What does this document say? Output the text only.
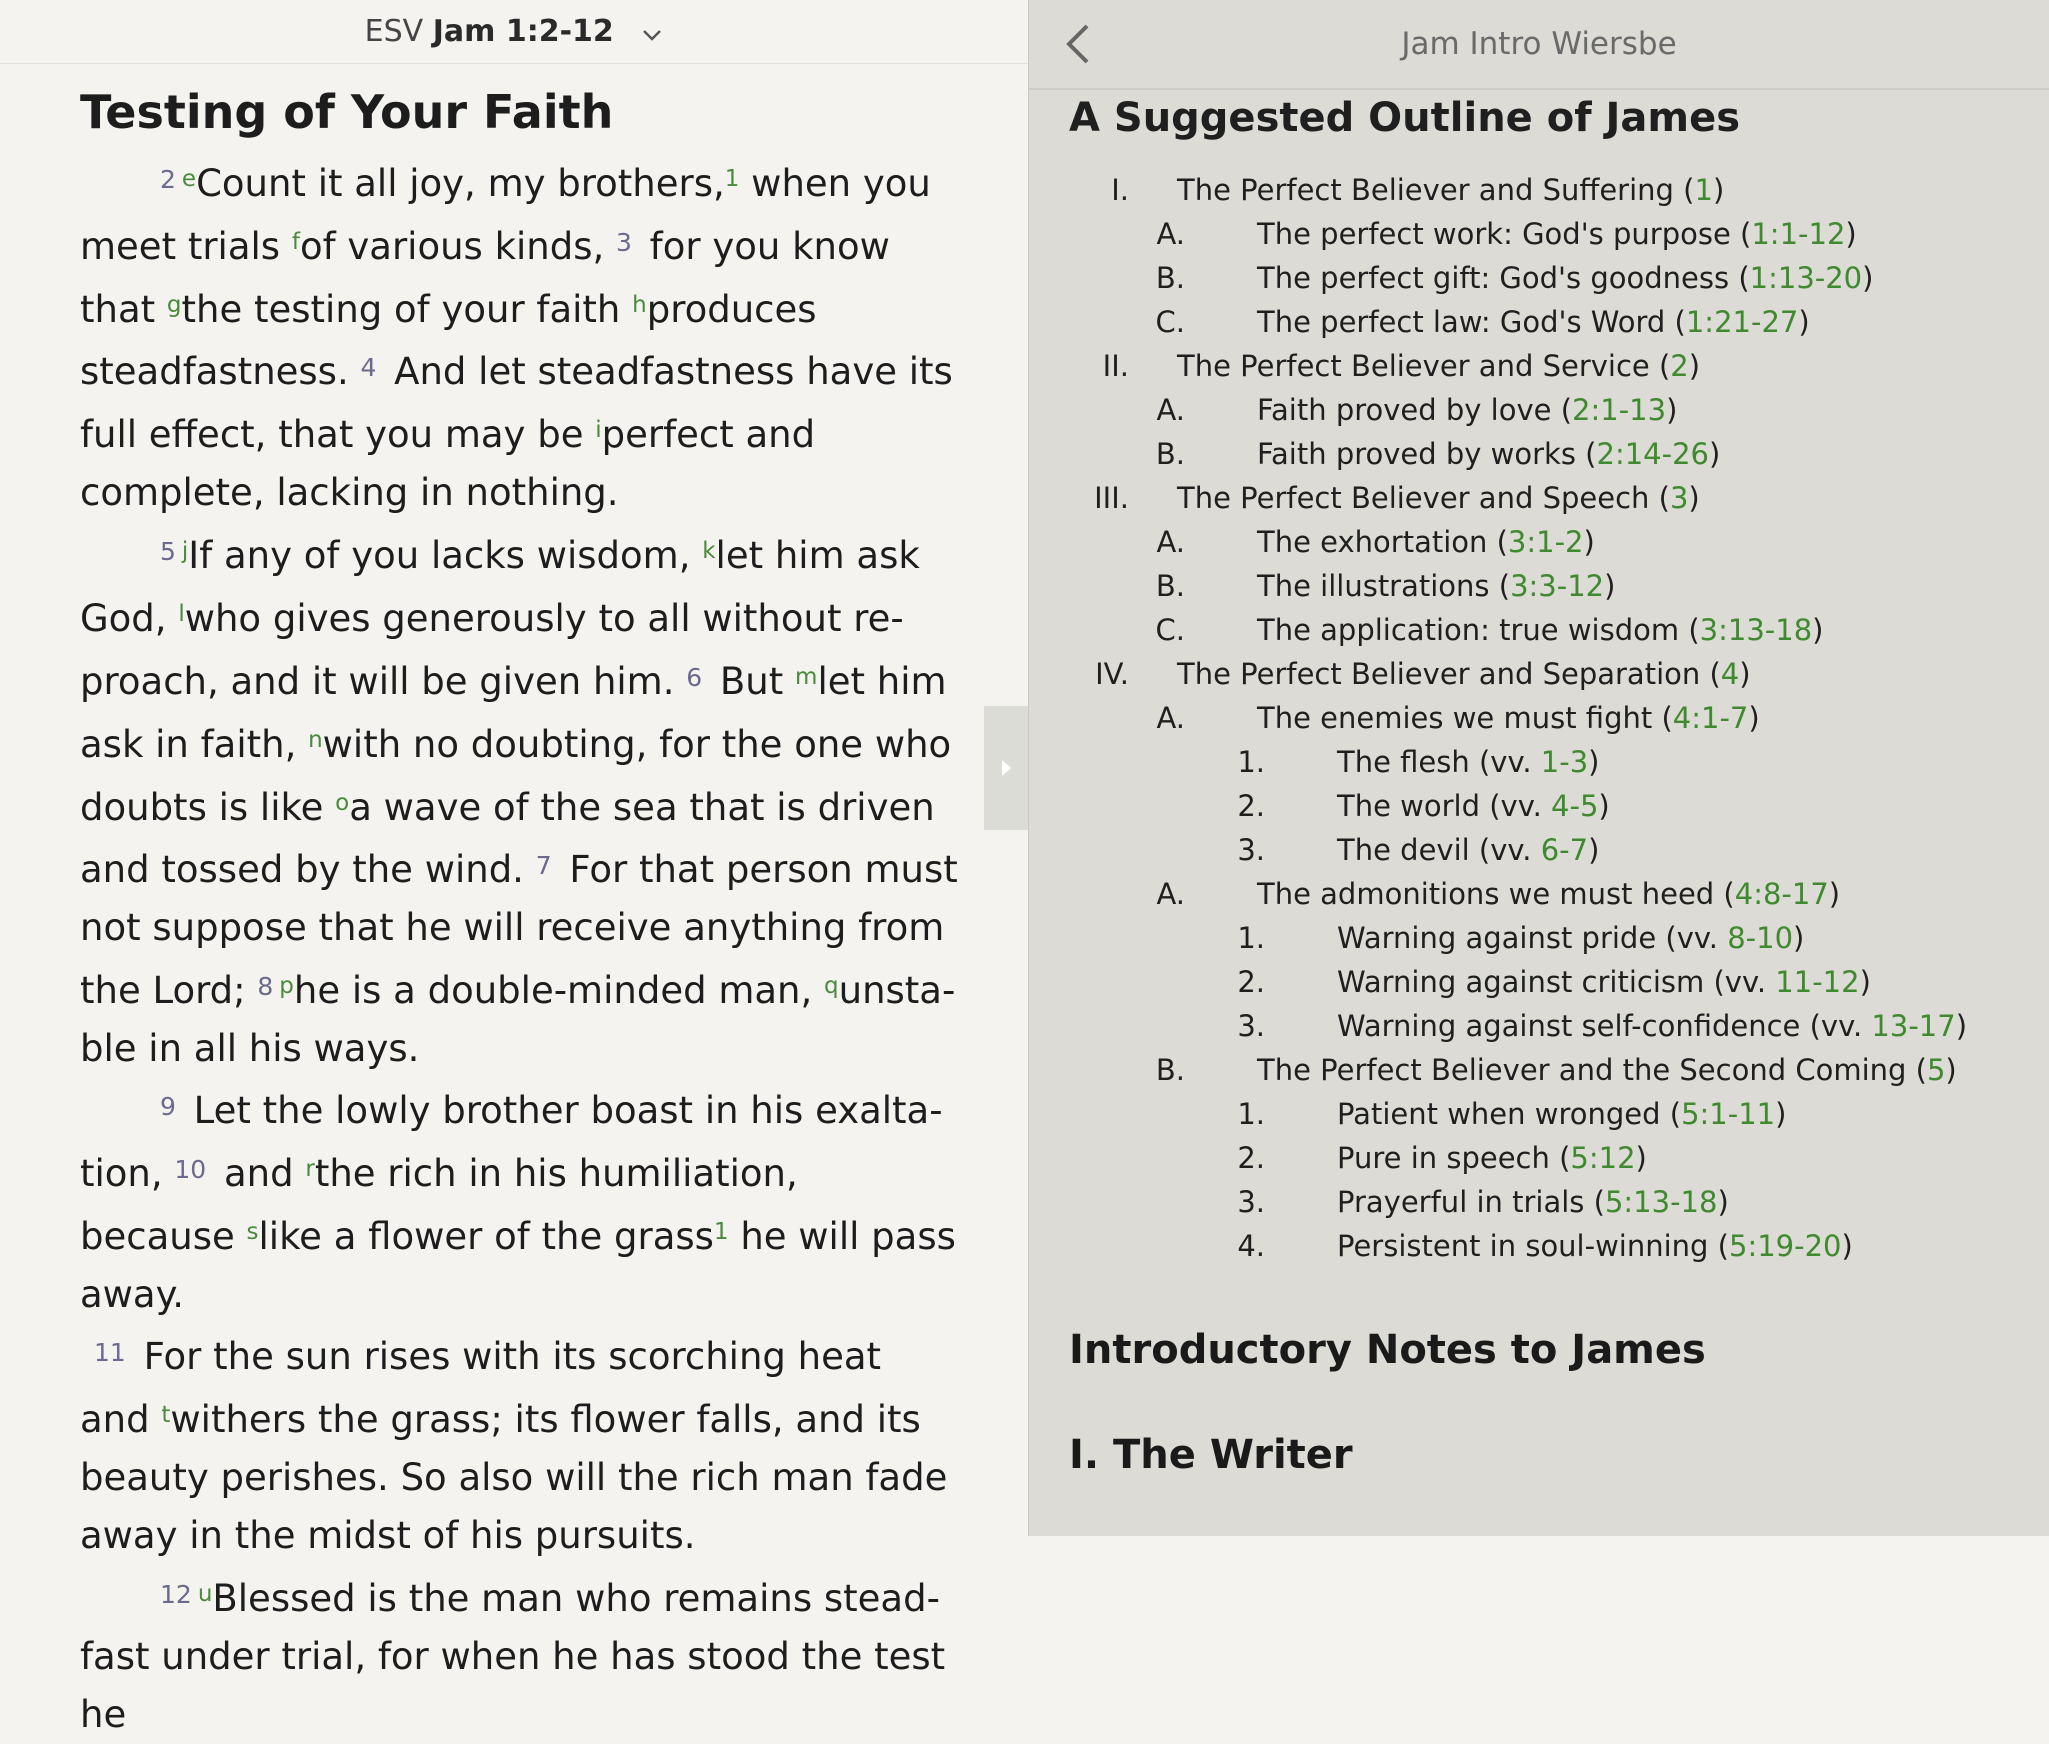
ESV Jam 1:2-12
Testing of Your Faith

$^2$ $^e$Count it all joy, my brothers,$^1$ when you meet trials $^f$of various kinds, $^3$ for you know that $^g$the testing of your faith $^h$produces steadfastness. $^4$ And let steadfastness have its full effect, that you may be $^i$perfect and complete, lacking in nothing.

$^5$ $^j$If any of you lacks wisdom, $^k$let him ask God, $^l$who gives generously to all without reproach, and it will be given him. $^6$ But $^m$let him ask in faith, $^n$with no doubting, for the one who doubts is like $^o$a wave of the sea that is driven and tossed by the wind. $^7$ For that person must not suppose that he will receive anything from the Lord; $^8$ $^p$he is a double-minded man, $^q$unstable in all his ways.

$^9$ Let the lowly brother boast in his exaltation, $^{10}$ and $^r$the rich in his humiliation, because $^s$like a flower of the grass$^1$ he will pass away.

$^{11}$ For the sun rises with its scorching heat and $^t$withers the grass; its flower falls, and its beauty perishes. So also will the rich man fade away in the midst of his pursuits.

$^{12}$ $^u$Blessed is the man who remains steadfast under trial, for when he has stood the test he

Jam Intro Wiersbe
A Suggested Outline of James
I. The Perfect Believer and Suffering (1)
A. The perfect work: God's purpose (1:1-12)
B. The perfect gift: God's goodness (1:13-20)
C. The perfect law: God's Word (1:21-27)
II. The Perfect Believer and Service (2)
A. Faith proved by love (2:1-13)
B. Faith proved by works (2:14-26)
III. The Perfect Believer and Speech (3)
A. The exhortation (3:1-2)
B. The illustrations (3:3-12)
C. The application: true wisdom (3:13-18)
IV. The Perfect Believer and Separation (4)
A. The enemies we must fight (4:1-7)
1. The flesh (vv. 1-3)
2. The world (vv. 4-5)
3. The devil (vv. 6-7)
A. The admonitions we must heed (4:8-17)
1. Warning against pride (vv. 8-10)
2. Warning against criticism (vv. 11-12)
3. Warning against self-confidence (vv. 13-17)
B. The Perfect Believer and the Second Coming (5)
1. Patient when wronged (5:1-11)
2. Pure in speech (5:12)
3. Prayerful in trials (5:13-18)
4. Persistent in soul-winning (5:19-20)
Introductory Notes to James
I. The Writer
